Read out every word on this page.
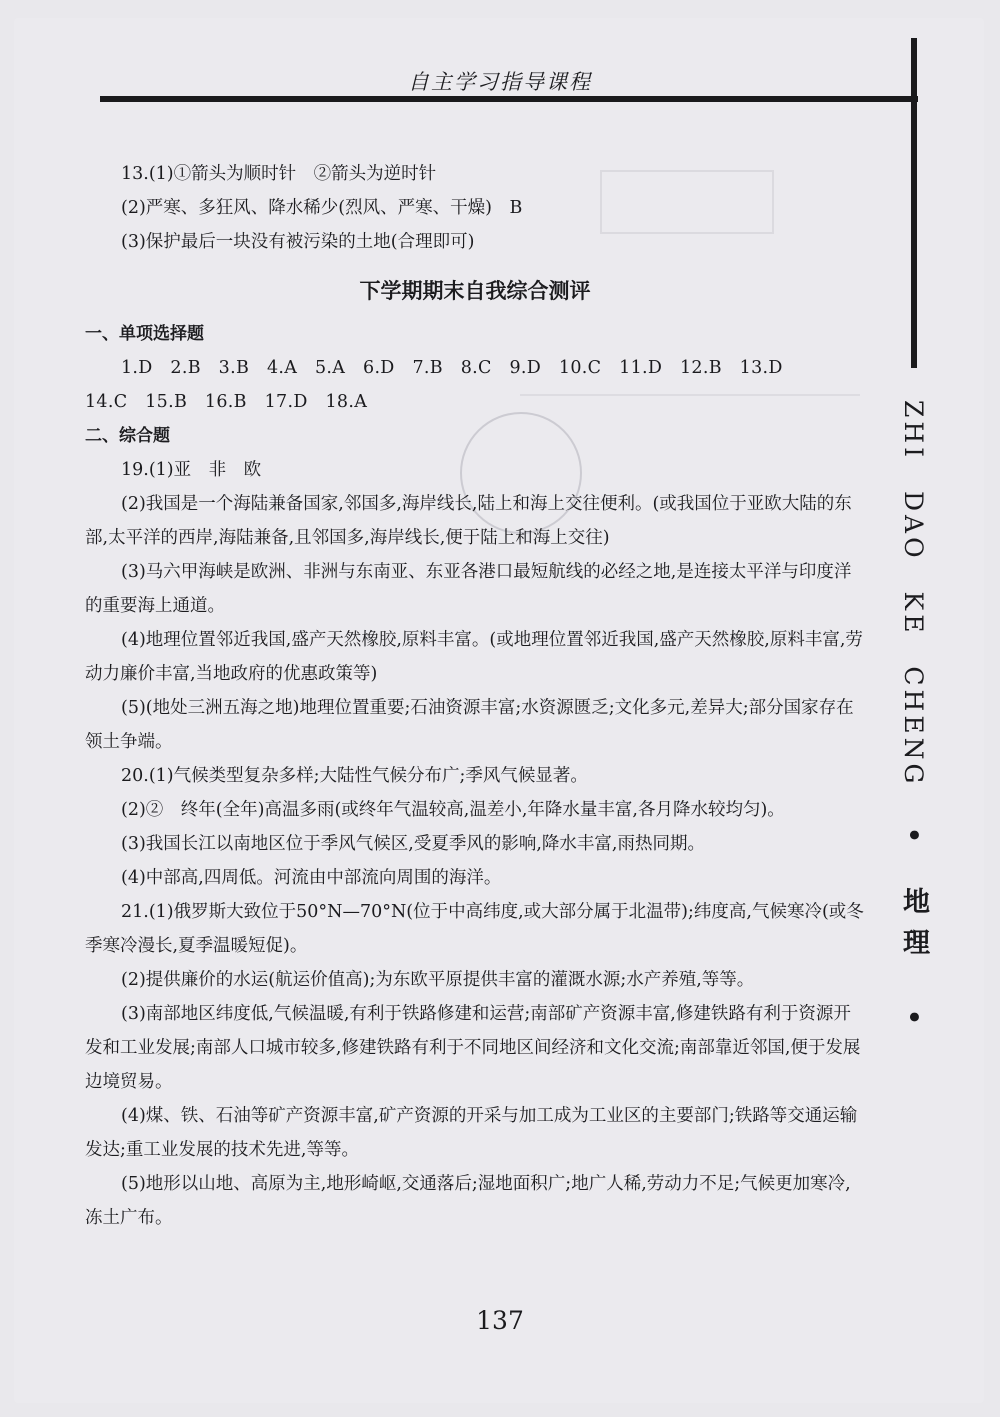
自主学习指导课程
ZHI DAO KE CHENG • 地理 •

13.(1)①箭头为顺时针　②箭头为逆时针

(2)严寒、多狂风、降水稀少(烈风、严寒、干燥)　B

(3)保护最后一块没有被污染的土地(合理即可)

下学期期末自我综合测评

一、单项选择题

1.D　2.B　3.B　4.A　5.A　6.D　7.B　8.C　9.D　10.C　11.D　12.B　13.D

14.C　15.B　16.B　17.D　18.A

二、综合题

19.(1)亚　非　欧

(2)我国是一个海陆兼备国家,邻国多,海岸线长,陆上和海上交往便利。(或我国位于亚欧大陆的东部,太平洋的西岸,海陆兼备,且邻国多,海岸线长,便于陆上和海上交往)

(3)马六甲海峡是欧洲、非洲与东南亚、东亚各港口最短航线的必经之地,是连接太平洋与印度洋的重要海上通道。

(4)地理位置邻近我国,盛产天然橡胶,原料丰富。(或地理位置邻近我国,盛产天然橡胶,原料丰富,劳动力廉价丰富,当地政府的优惠政策等)

(5)(地处三洲五海之地)地理位置重要;石油资源丰富;水资源匮乏;文化多元,差异大;部分国家存在领土争端。

20.(1)气候类型复杂多样;大陆性气候分布广;季风气候显著。

(2)②　终年(全年)高温多雨(或终年气温较高,温差小,年降水量丰富,各月降水较均匀)。

(3)我国长江以南地区位于季风气候区,受夏季风的影响,降水丰富,雨热同期。

(4)中部高,四周低。河流由中部流向周围的海洋。

21.(1)俄罗斯大致位于50°N—70°N(位于中高纬度,或大部分属于北温带);纬度高,气候寒冷(或冬季寒冷漫长,夏季温暖短促)。

(2)提供廉价的水运(航运价值高);为东欧平原提供丰富的灌溉水源;水产养殖,等等。

(3)南部地区纬度低,气候温暖,有利于铁路修建和运营;南部矿产资源丰富,修建铁路有利于资源开发和工业发展;南部人口城市较多,修建铁路有利于不同地区间经济和文化交流;南部靠近邻国,便于发展边境贸易。

(4)煤、铁、石油等矿产资源丰富,矿产资源的开采与加工成为工业区的主要部门;铁路等交通运输发达;重工业发展的技术先进,等等。

(5)地形以山地、高原为主,地形崎岖,交通落后;湿地面积广;地广人稀,劳动力不足;气候更加寒冷,冻土广布。

137
